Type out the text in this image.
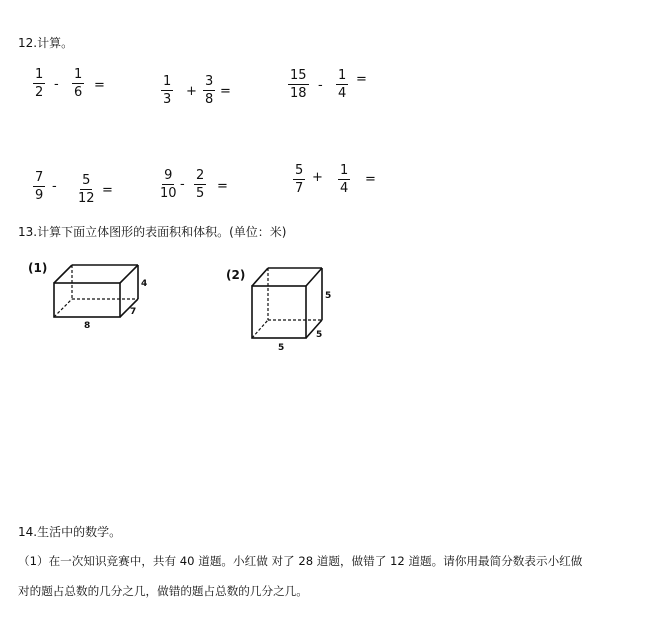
12.计算。
$\frac{1}{2} - \frac{1}{6}$ =	$\frac{1}{3} + \frac{3}{8}$ =	$\frac{15}{18} - \frac{1}{4}$ =
$\frac{7}{9} - \frac{5}{12}$ =	$\frac{9}{10} - \frac{2}{5}$ =	$\frac{5}{7} + \frac{1}{4}$ =
13.计算下面立体图形的表面积和体积。(单位：米)
(1)
4
7
8
(2)
5
5
5
14.生活中的数学。
（1）在一次知识竞赛中，共有 40 道题。小红做 对了 28 道题，做错了 12 道题。请你用最简分数表示小红做
对的题占总数的几分之几，做错的题占总数的几分之几。
